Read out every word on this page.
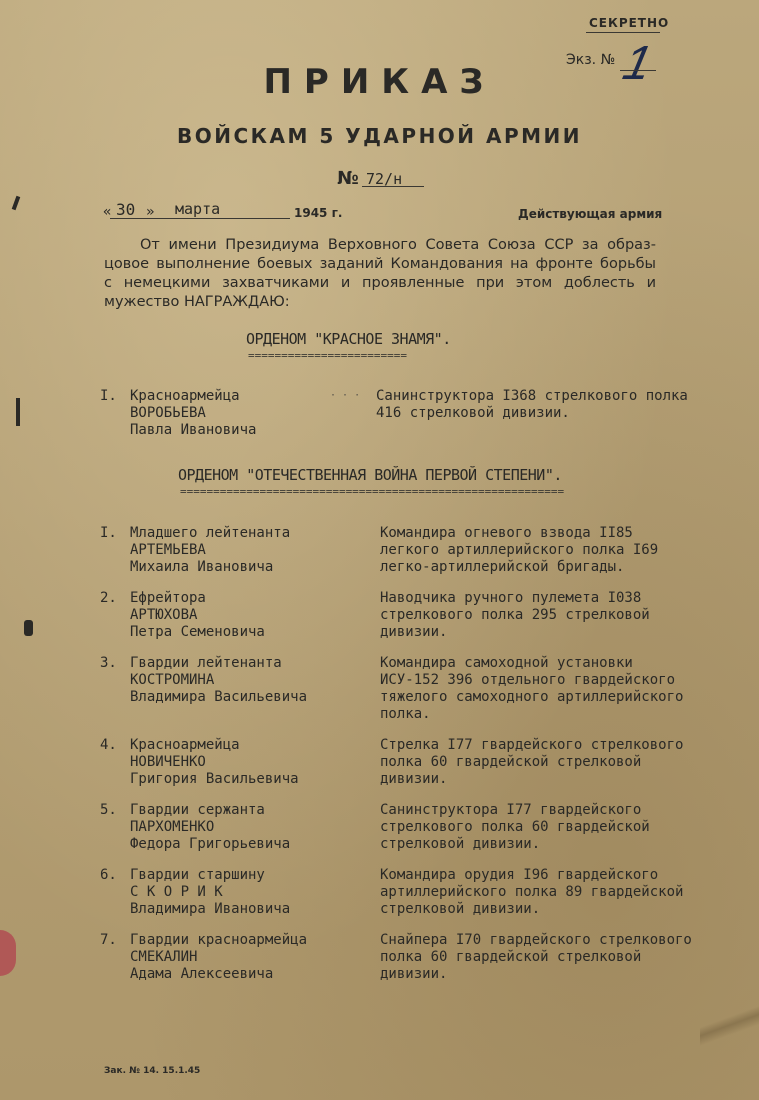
СЕКРЕТНО
Экз. № 1
ПРИКАЗ
ВОЙСКАМ 5 УДАРНОЙ АРМИИ
№ 72/н
« 30 » марта	1945 г.	Действующая армия
От имени Президиума Верховного Совета Союза ССР за образ-
цовое выполнение боевых заданий Командования на фронте борьбы
с немецкими захватчиками и проявленные при этом доблесть и
мужество НАГРАЖДАЮ:
ОРДЕНОМ "КРАСНОЕ ЗНАМЯ".
========================
· · ·
I. Красноармейца
ВОРОБЬЕВА
Павла Ивановича
Санинструктора I368 стрелкового полка
416 стрелковой дивизии.
ОРДЕНОМ "ОТЕЧЕСТВЕННАЯ ВОЙНА ПЕРВОЙ СТЕПЕНИ".
==========================================================
I. Младшего лейтенанта
АРТЕМЬЕВА
Михаила Ивановича
Командира огневого взвода II85
легкого артиллерийского полка I69
легко-артиллерийской бригады.
2. Ефрейтора
АРТЮХОВА
Петра Семеновича
Наводчика ручного пулемета I038
стрелкового полка 295 стрелковой
дивизии.
3. Гвардии лейтенанта
КОСТРОМИНА
Владимира Васильевича
Командира самоходной установки
ИСУ-152 396 отдельного гвардейского
тяжелого самоходного артиллерийского
полка.
4. Красноармейца
НОВИЧЕНКО
Григория Васильевича
Стрелка I77 гвардейского стрелкового
полка 60 гвардейской стрелковой
дивизии.
5. Гвардии сержанта
ПАРХОМЕНКО
Федора Григорьевича
Санинструктора I77 гвардейского
стрелкового полка 60 гвардейской
стрелковой дивизии.
6. Гвардии старшину
С К О Р И К
Владимира Ивановича
Командира орудия I96 гвардейского
артиллерийского полка 89 гвардейской
стрелковой дивизии.
7. Гвардии красноармейца
СМЕКАЛИН
Адама Алексеевича
Снайпера I70 гвардейского стрелкового
полка 60 гвардейской стрелковой
дивизии.
Зак. № 14. 15.1.45
